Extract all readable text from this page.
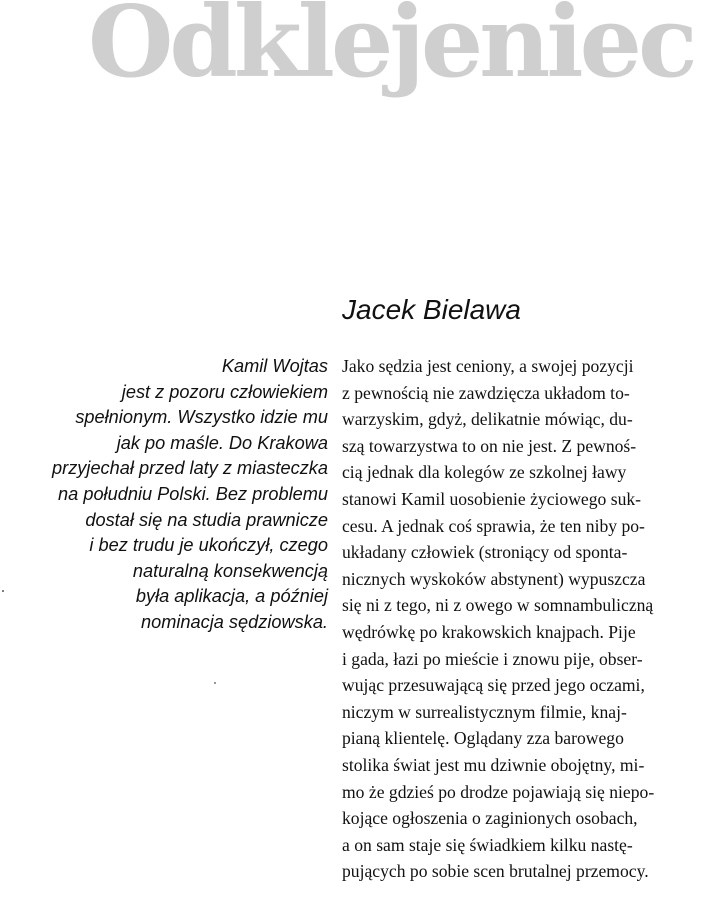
Odklejeniec
Jacek Bielawa

Kamil Wojtas
jest z pozoru człowiekiem
spełnionym. Wszystko idzie mu
jak po maśle. Do Krakowa
przyjechał przed laty z miasteczka
na południu Polski. Bez problemu
dostał się na studia prawnicze
i bez trudu je ukończył, czego
naturalną konsekwencją
była aplikacja, a później
nominacja sędziowska.

Jako sędzia jest ceniony, a swojej pozycji
z pewnością nie zawdzięcza układom to-
warzyskim, gdyż, delikatnie mówiąc, du-
szą towarzystwa to on nie jest. Z pewnoś-
cią jednak dla kolegów ze szkolnej ławy
stanowi Kamil uosobienie życiowego suk-
cesu. A jednak coś sprawia, że ten niby po-
układany człowiek (stroniący od sponta-
nicznych wyskoków abstynent) wypuszcza
się ni z tego, ni z owego w somnambuliczną
wędrówkę po krakowskich knajpach. Pije
i gada, łazi po mieście i znowu pije, obser-
wując przesuwającą się przed jego oczami,
niczym w surrealistycznym filmie, knaj-
pianą klientelę. Oglądany zza barowego
stolika świat jest mu dziwnie obojętny, mi-
mo że gdzieś po drodze pojawiają się niepo-
kojące ogłoszenia o zaginionych osobach,
a on sam staje się świadkiem kilku nastę-
pujących po sobie scen brutalnej przemocy.
